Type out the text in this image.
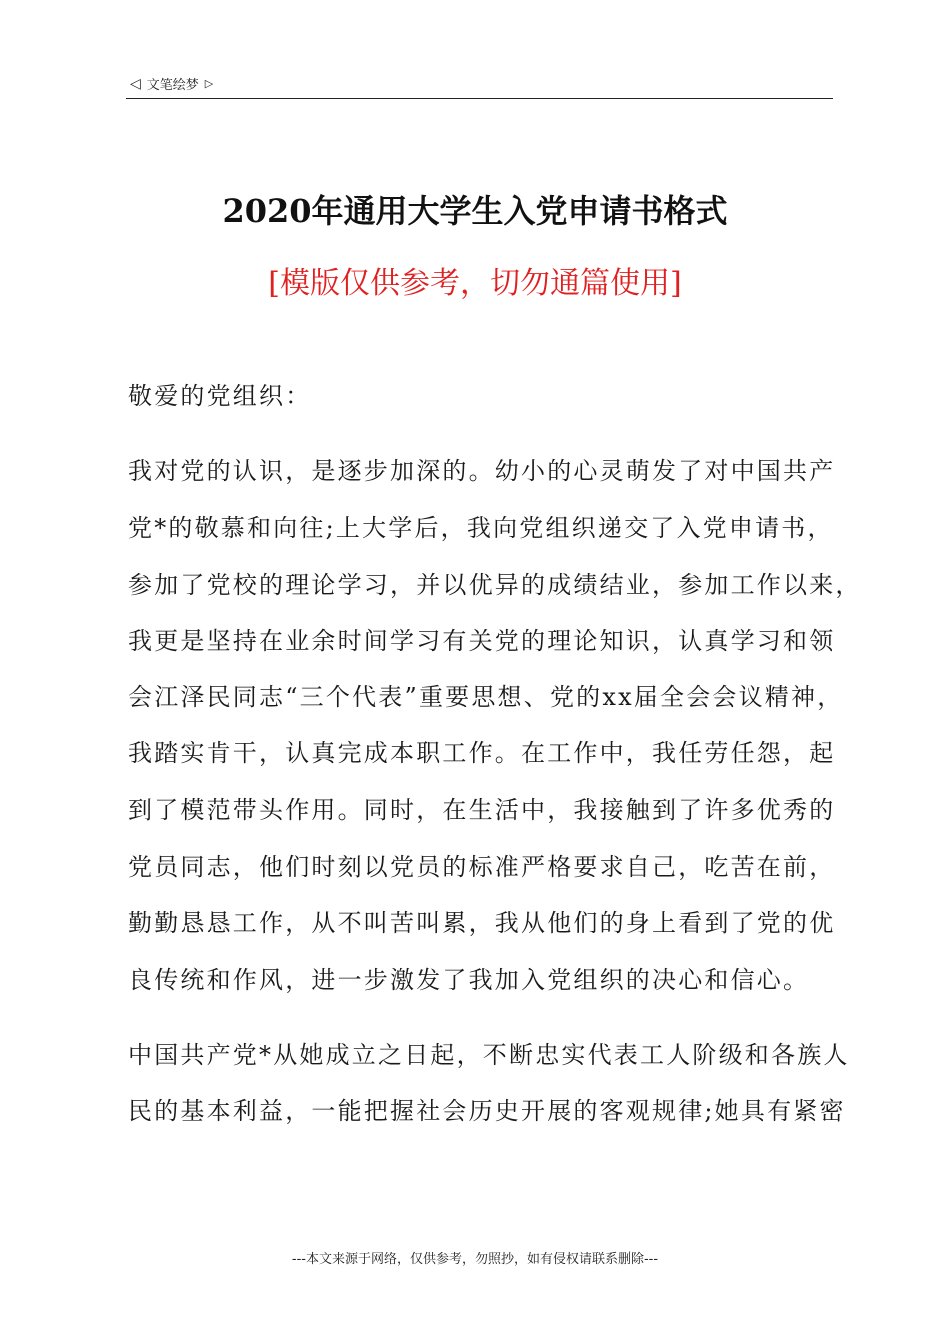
◁ 文笔绘梦 ▷
2020年通用大学生入党申请书格式
[模版仅供参考，切勿通篇使用]
敬爱的党组织：
我对党的认识，是逐步加深的。幼小的心灵萌发了对中国共产
党*的敬慕和向往;上大学后，我向党组织递交了入党申请书，
参加了党校的理论学习，并以优异的成绩结业，参加工作以来，
我更是坚持在业余时间学习有关党的理论知识，认真学习和领
会江泽民同志“三个代表”重要思想、党的xx届全会会议精神，
我踏实肯干，认真完成本职工作。在工作中，我任劳任怨，起
到了模范带头作用。同时，在生活中，我接触到了许多优秀的
党员同志，他们时刻以党员的标准严格要求自己，吃苦在前，
勤勤恳恳工作，从不叫苦叫累，我从他们的身上看到了党的优
良传统和作风，进一步激发了我加入党组织的决心和信心。
中国共产党*从她成立之日起，不断忠实代表工人阶级和各族人
民的基本利益，一能把握社会历史开展的客观规律;她具有紧密
---本文来源于网络，仅供参考，勿照抄，如有侵权请联系删除---
